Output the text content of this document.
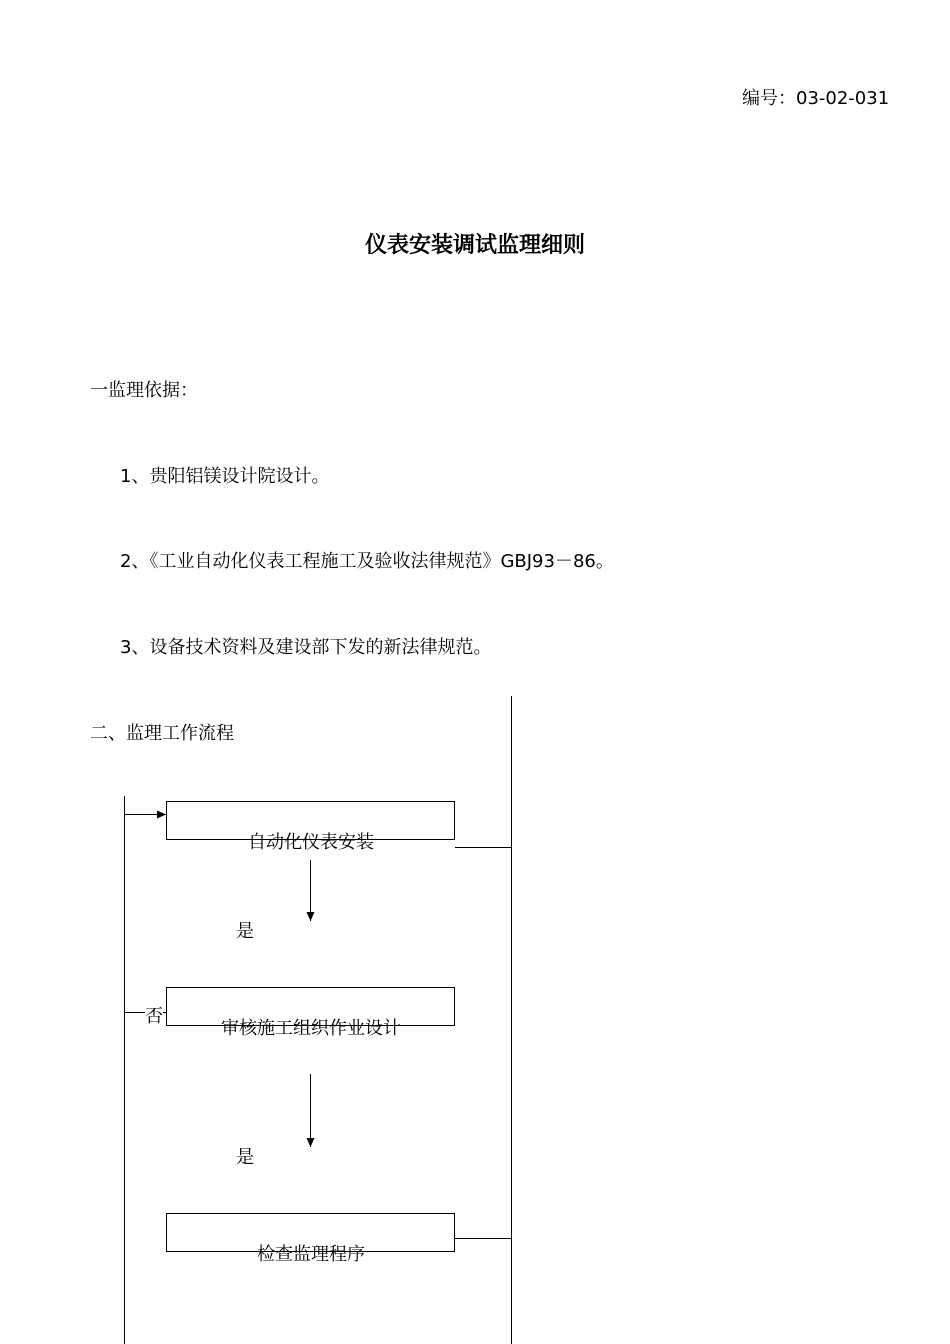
编号：03-02-031
仪表安装调试监理细则
一监理依据：
1、贵阳铝镁设计院设计。
2、《工业自动化仪表工程施工及验收法律规范》GBJ93－86。
3、设备技术资料及建设部下发的新法律规范。
二、监理工作流程
自动化仪表安装
审核施工组织作业设计
检查监理程序
是
是
否
